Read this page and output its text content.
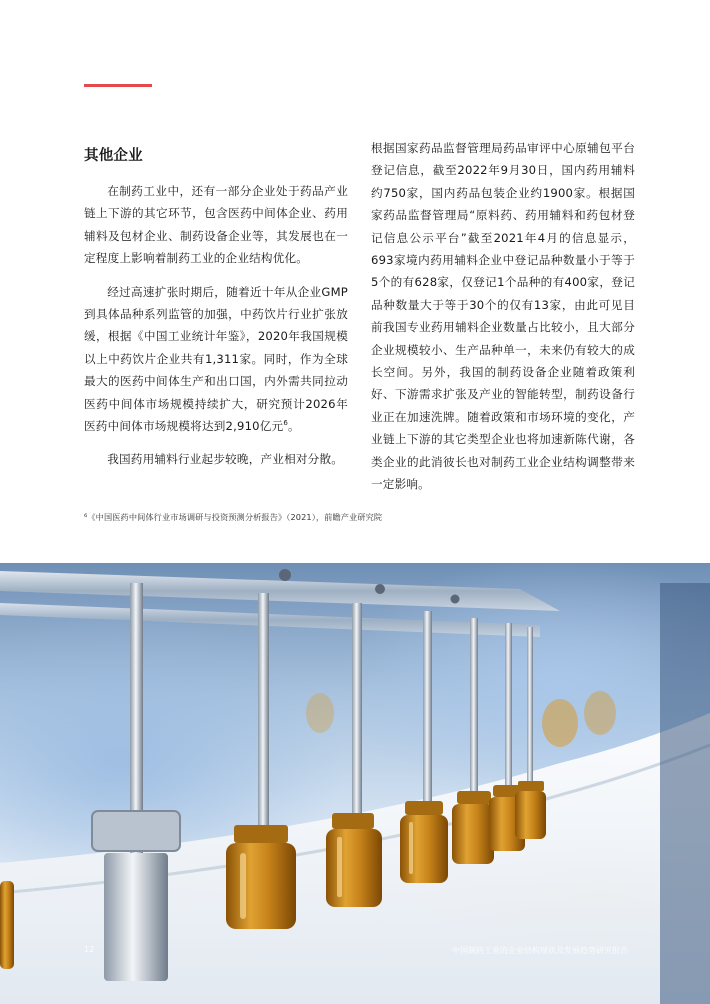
其他企业

在制药工业中，还有一部分企业处于药品产业链上下游的其它环节，包含医药中间体企业、药用辅料及包材企业、制药设备企业等，其发展也在一定程度上影响着制药工业的企业结构优化。

经过高速扩张时期后，随着近十年从企业GMP到具体品种系列监管的加强，中药饮片行业扩张放缓，根据《中国工业统计年鉴》，2020年我国规模以上中药饮片企业共有1,311家。同时，作为全球最大的医药中间体生产和出口国，内外需共同拉动医药中间体市场规模持续扩大，研究预计2026年医药中间体市场规模将达到2,910亿元$^6$。

我国药用辅料行业起步较晚，产业相对分散。

根据国家药品监督管理局药品审评中心原辅包平台登记信息，截至2022年9月30日，国内药用辅料约750家，国内药品包装企业约1900家。根据国家药品监督管理局“原料药、药用辅料和药包材登记信息公示平台”截至2021年4月的信息显示，693家境内药用辅料企业中登记品种数量小于等于5个的有628家，仅登记1个品种的有400家，登记品种数量大于等于30个的仅有13家，由此可见目前我国专业药用辅料企业数量占比较小，且大部分企业规模较小、生产品种单一，未来仍有较大的成长空间。另外，我国的制药设备企业随着政策利好、下游需求扩张及产业的智能转型，制药设备行业正在加速洗牌。随着政策和市场环境的变化，产业链上下游的其它类型企业也将加速新陈代谢，各类企业的此消彼长也对制药工业企业结构调整带来一定影响。

⁶《中国医药中间体行业市场调研与投资预测分析报告》（2021），前瞻产业研究院
12	中国制药工业的企业结构现状及发展趋势研究报告
